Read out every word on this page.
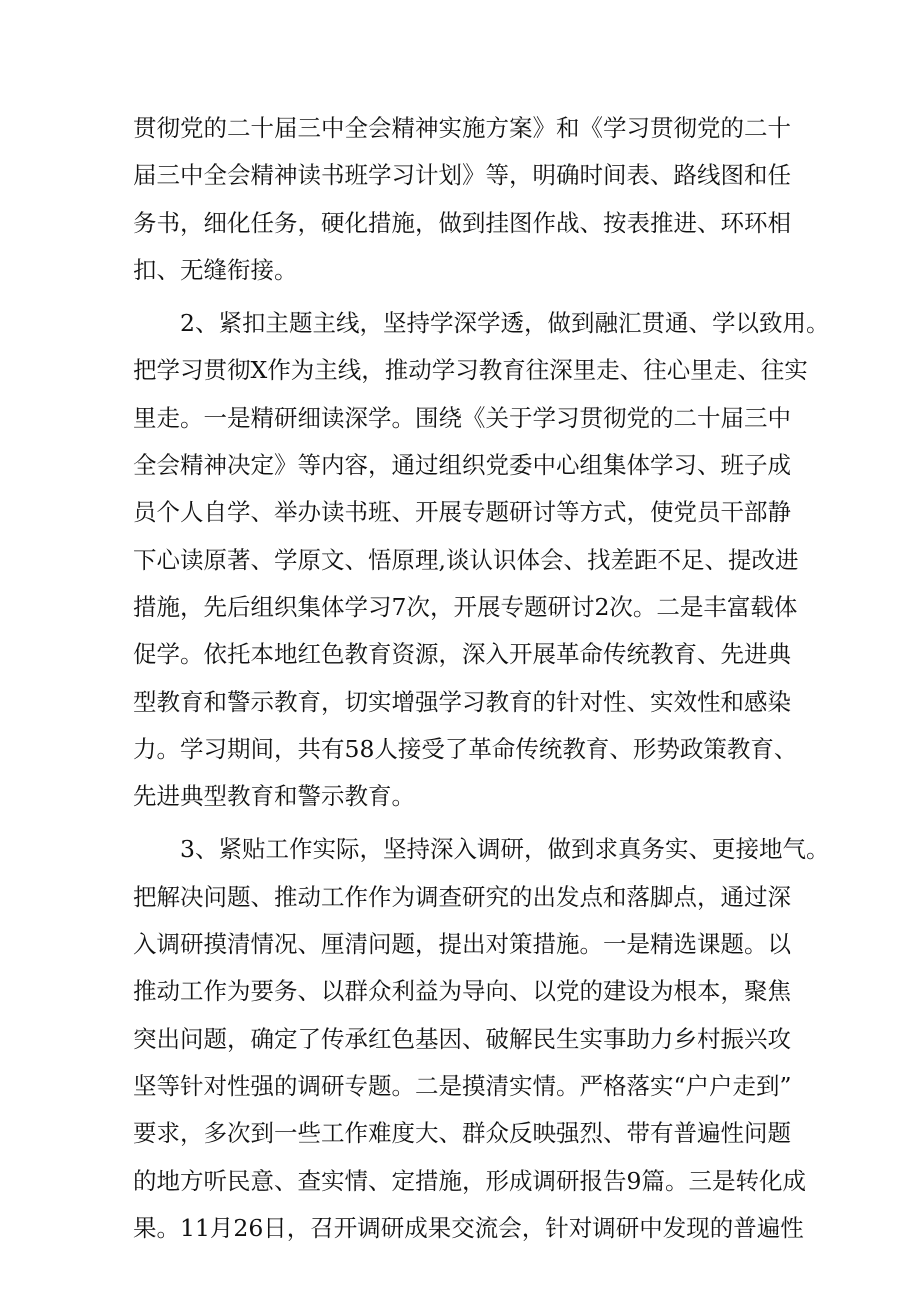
贯彻党的二十届三中全会精神实施方案》和《学习贯彻党的二十
届三中全会精神读书班学习计划》等，明确时间表、路线图和任
务书，细化任务，硬化措施，做到挂图作战、按表推进、环环相
扣、无缝衔接。
2、紧扣主题主线，坚持学深学透，做到融汇贯通、学以致用。
把学习贯彻X作为主线，推动学习教育往深里走、往心里走、往实
里走。一是精研细读深学。围绕《关于学习贯彻党的二十届三中
全会精神决定》等内容，通过组织党委中心组集体学习、班子成
员个人自学、举办读书班、开展专题研讨等方式，使党员干部静
下心读原著、学原文、悟原理,谈认识体会、找差距不足、提改进
措施，先后组织集体学习7次，开展专题研讨2次。二是丰富载体
促学。依托本地红色教育资源，深入开展革命传统教育、先进典
型教育和警示教育，切实增强学习教育的针对性、实效性和感染
力。学习期间，共有58人接受了革命传统教育、形势政策教育、
先进典型教育和警示教育。
3、紧贴工作实际，坚持深入调研，做到求真务实、更接地气。
把解决问题、推动工作作为调查研究的出发点和落脚点，通过深
入调研摸清情况、厘清问题，提出对策措施。一是精选课题。以
推动工作为要务、以群众利益为导向、以党的建设为根本，聚焦
突出问题，确定了传承红色基因、破解民生实事助力乡村振兴攻
坚等针对性强的调研专题。二是摸清实情。严格落实“户户走到”
要求，多次到一些工作难度大、群众反映强烈、带有普遍性问题
的地方听民意、查实情、定措施，形成调研报告9篇。三是转化成
果。11月26日，召开调研成果交流会，针对调研中发现的普遍性
